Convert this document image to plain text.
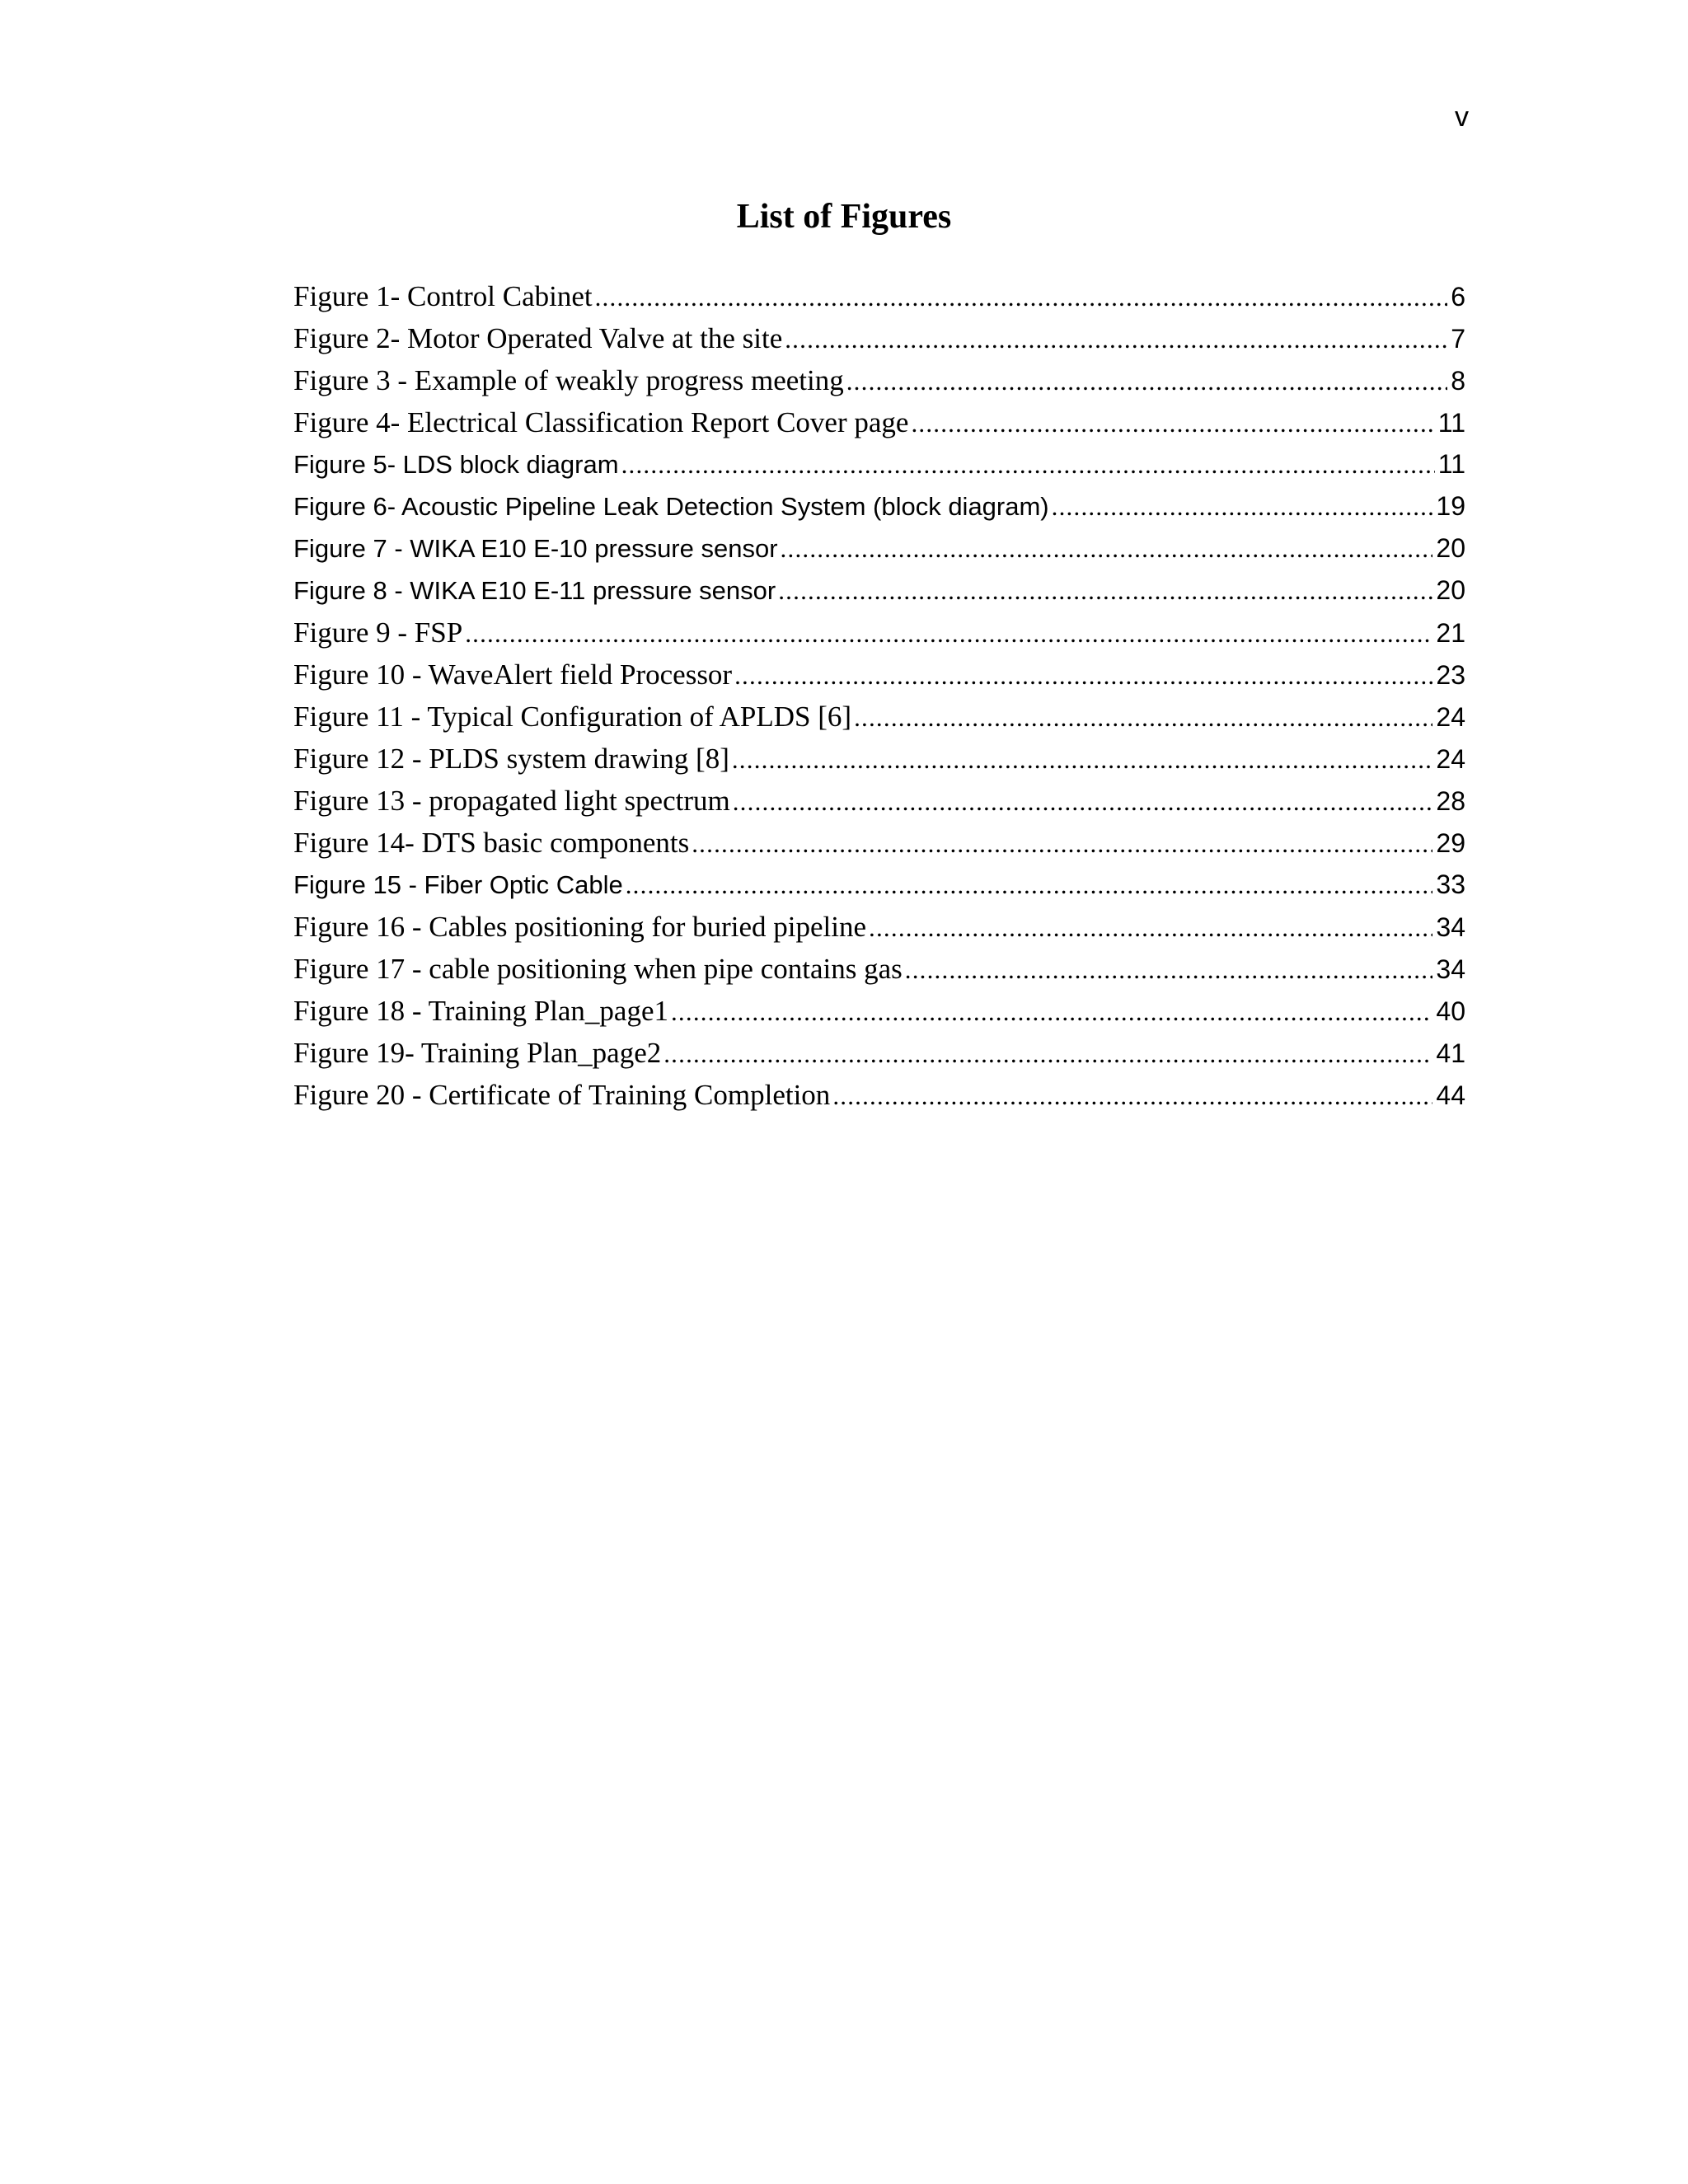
v
List of Figures
Figure 1- Control Cabinet .....	6
Figure 2- Motor Operated Valve at the site .....	7
Figure 3 - Example of weakly progress meeting .....	8
Figure 4- Electrical Classification Report Cover page .....	11
Figure 5- LDS block diagram .....	11
Figure 6- Acoustic Pipeline Leak Detection System (block diagram) .....	19
Figure 7 - WIKA E10 E-10 pressure sensor .....	20
Figure 8 - WIKA E10 E-11 pressure sensor .....	20
Figure 9 - FSP .....	21
Figure 10 - WaveAlert field Processor .....	23
Figure 11 - Typical Configuration of APLDS [6] .....	24
Figure 12 - PLDS system drawing [8] .....	24
Figure 13 - propagated light spectrum .....	28
Figure 14- DTS basic components .....	29
Figure 15 - Fiber Optic Cable .....	33
Figure 16 - Cables positioning for buried pipeline .....	34
Figure 17 - cable positioning when pipe contains gas .....	34
Figure 18 - Training Plan_page1 .....	40
Figure 19- Training Plan_page2 .....	41
Figure 20 - Certificate of Training Completion .....	44
